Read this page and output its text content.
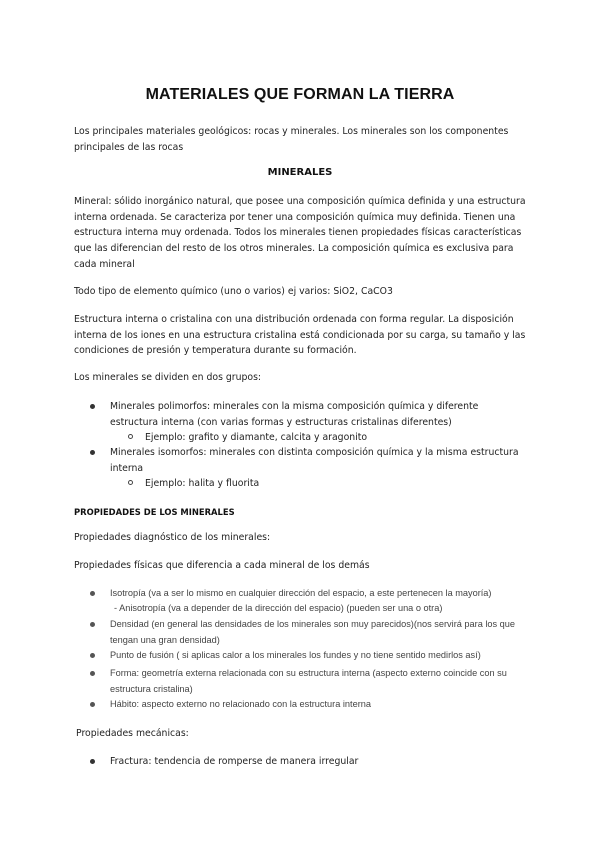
MATERIALES QUE FORMAN LA TIERRA
Los principales materiales geológicos: rocas y minerales. Los minerales son los componentes principales de las rocas
MINERALES
Mineral: sólido inorgánico natural, que posee una composición química definida y una estructura interna ordenada. Se caracteriza por tener una composición química muy definida. Tienen una estructura interna muy ordenada. Todos los minerales tienen propiedades físicas características que las diferencian del resto de los otros minerales. La composición química es exclusiva para cada mineral
Todo tipo de elemento químico (uno o varios) ej varios: SiO2, CaCO3
Estructura interna o cristalina con una distribución ordenada con forma regular. La disposición interna de los iones en una estructura cristalina está condicionada por su carga, su tamaño y las condiciones de presión y temperatura durante su formación.
Los minerales se dividen en dos grupos:
Minerales polimorfos: minerales con la misma composición química y diferente estructura interna (con varias formas y estructuras cristalinas diferentes)
Ejemplo: grafito y diamante, calcita y aragonito
Minerales isomorfos: minerales con distinta composición química y la misma estructura interna
Ejemplo: halita y fluorita
PROPIEDADES DE LOS MINERALES
Propiedades diagnóstico de los minerales:
Propiedades físicas que diferencia a cada mineral de los demás
Isotropía (va a ser lo mismo en cualquier dirección del espacio, a este pertenecen la mayoría)
- Anisotropía (va a depender de la dirección del espacio) (pueden ser una o otra)
Densidad (en general las densidades de los minerales son muy parecidos)(nos servirá para los que tengan una gran densidad)
Punto de fusión ( si aplicas calor a los minerales los fundes y no tiene sentido medirlos así)
Forma: geometría externa relacionada con su estructura interna (aspecto externo coincide con su estructura cristalina)
Hábito: aspecto externo no relacionado con la estructura interna
Propiedades mecánicas:
Fractura: tendencia de romperse de manera irregular
